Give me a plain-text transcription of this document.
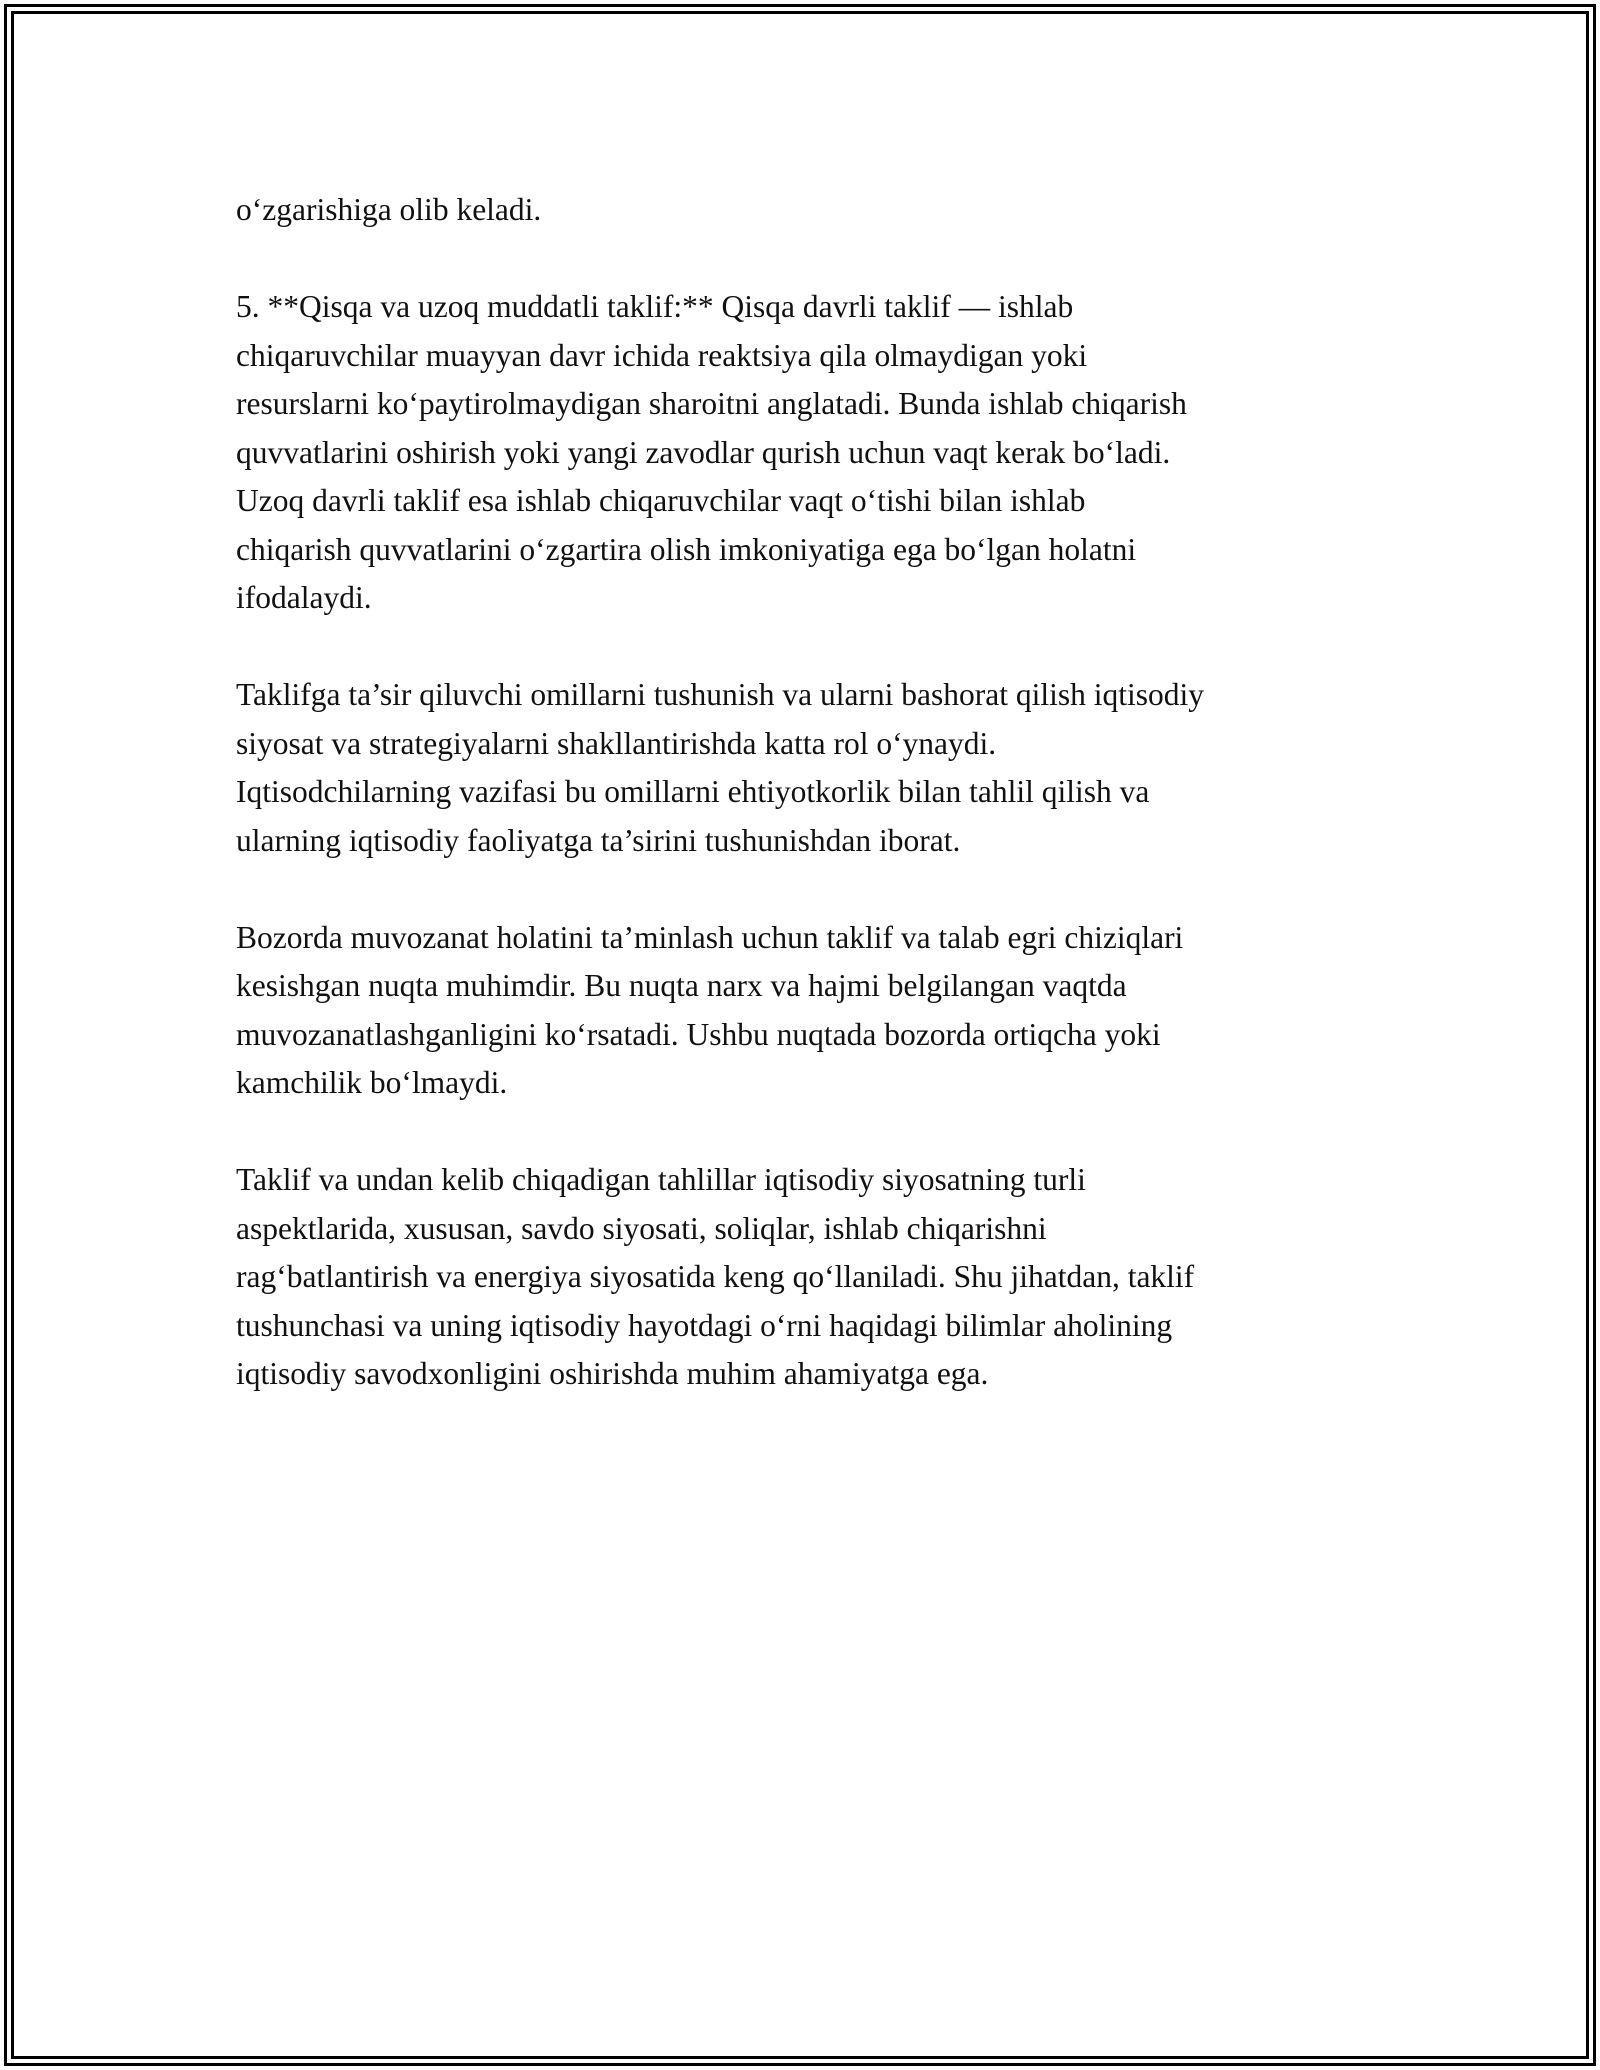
o‘zgarishiga olib keladi.

5. **Qisqa va uzoq muddatli taklif:** Qisqa davrli taklif — ishlab
chiqaruvchilar muayyan davr ichida reaktsiya qila olmaydigan yoki
resurslarni ko‘paytirolmaydigan sharoitni anglatadi. Bunda ishlab chiqarish
quvvatlarini oshirish yoki yangi zavodlar qurish uchun vaqt kerak bo‘ladi.
Uzoq davrli taklif esa ishlab chiqaruvchilar vaqt o‘tishi bilan ishlab
chiqarish quvvatlarini o‘zgartira olish imkoniyatiga ega bo‘lgan holatni
ifodalaydi.

Taklifga ta’sir qiluvchi omillarni tushunish va ularni bashorat qilish iqtisodiy
siyosat va strategiyalarni shakllantirishda katta rol o‘ynaydi.
Iqtisodchilarning vazifasi bu omillarni ehtiyotkorlik bilan tahlil qilish va
ularning iqtisodiy faoliyatga ta’sirini tushunishdan iborat.

Bozorda muvozanat holatini ta’minlash uchun taklif va talab egri chiziqlari
kesishgan nuqta muhimdir. Bu nuqta narx va hajmi belgilangan vaqtda
muvozanatlashganligini ko‘rsatadi. Ushbu nuqtada bozorda ortiqcha yoki
kamchilik bo‘lmaydi.

Taklif va undan kelib chiqadigan tahlillar iqtisodiy siyosatning turli
aspektlarida, xususan, savdo siyosati, soliqlar, ishlab chiqarishni
rag‘batlantirish va energiya siyosatida keng qo‘llaniladi. Shu jihatdan, taklif
tushunchasi va uning iqtisodiy hayotdagi o‘rni haqidagi bilimlar aholining
iqtisodiy savodxonligini oshirishda muhim ahamiyatga ega.
